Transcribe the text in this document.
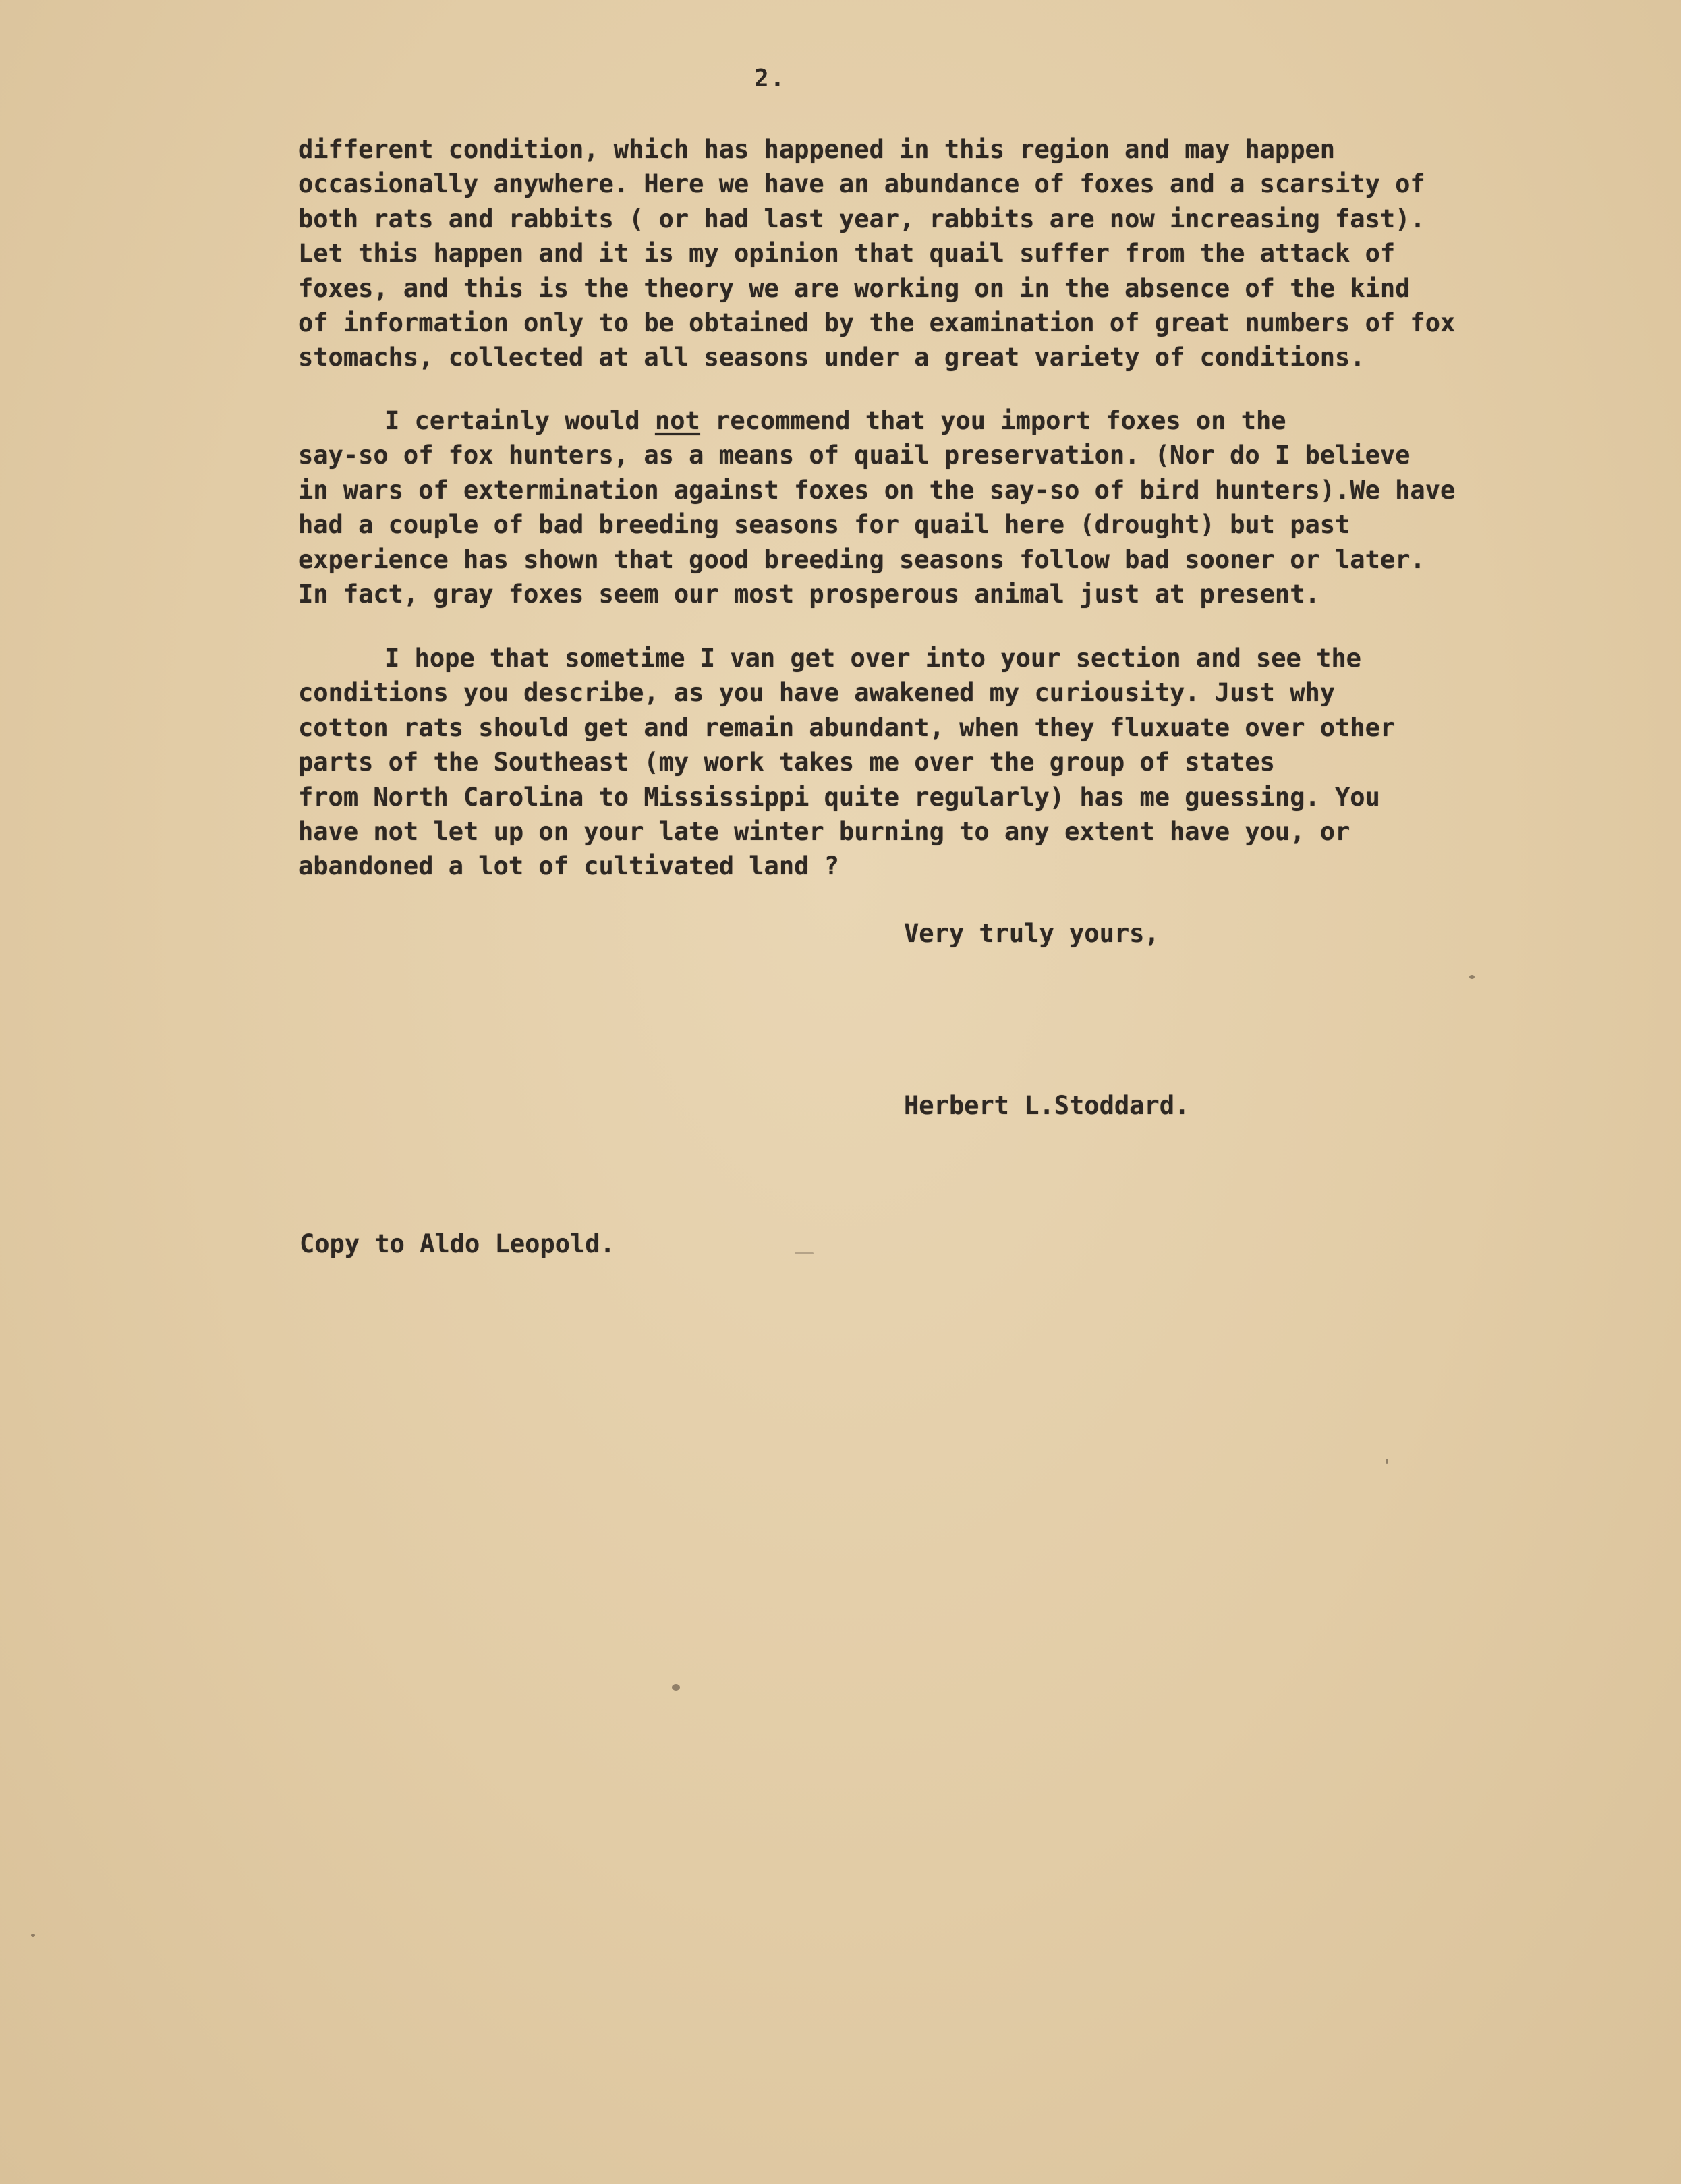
2.
different condition, which has happened in this region and may happen
occasionally anywhere. Here we have an abundance of foxes and a scarsity of
both rats and rabbits ( or had last year, rabbits are now increasing fast).
Let this happen and it is my opinion that quail suffer from the attack of
foxes, and this is the theory we are working on in the absence of the kind
of information only to be obtained by the examination of great numbers of fox
stomachs, collected at all seasons under a great variety of conditions.
I certainly would not recommend that you import foxes on the
say-so of fox hunters, as a means of quail preservation. (Nor do I believe
in wars of extermination against foxes on the say-so of bird hunters).We have
had a couple of bad breeding seasons for quail here (drought) but past
experience has shown that good breeding seasons follow bad sooner or later.
In fact, gray foxes seem our most prosperous animal just at present.
I hope that sometime I van get over into your section and see the
conditions you describe, as you have awakened my curiousity. Just why
cotton rats should get and remain abundant, when they fluxuate over other
parts of the Southeast (my work takes me over the group of states
from North Carolina to Mississippi quite regularly) has me guessing. You
have not let up on your late winter burning to any extent have you, or
abandoned a lot of cultivated land ?
Very truly yours,
Herbert L.Stoddard.
Copy to Aldo Leopold.
